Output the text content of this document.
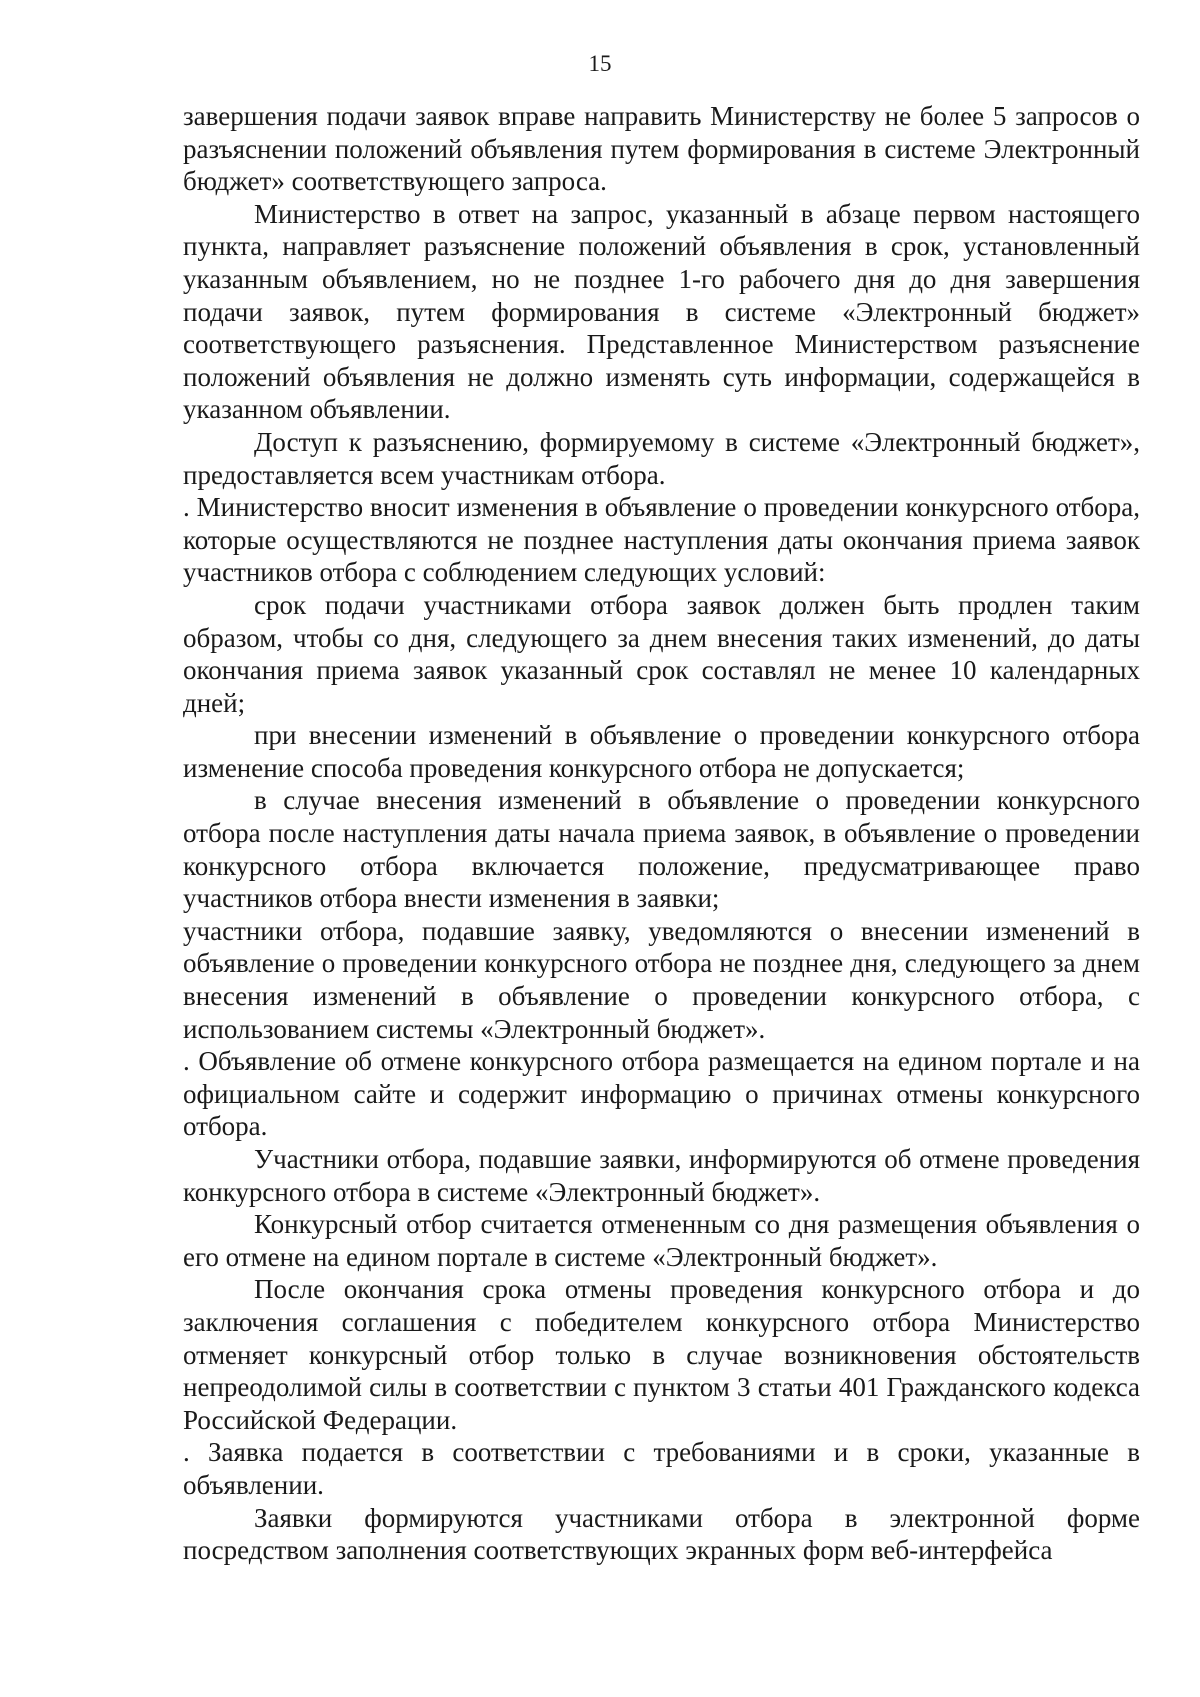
15

завершения подачи заявок вправе направить Министерству не более 5 запросов о разъяснении положений объявления путем формирования в системе Электронный бюджет» соответствующего запроса.

Министерство в ответ на запрос, указанный в абзаце первом настоящего пункта, направляет разъяснение положений объявления в срок, установленный указанным объявлением, но не позднее 1-го рабочего дня до дня завершения подачи заявок, путем формирования в системе «Электронный бюджет» соответствующего разъяснения. Представленное Министерством разъяснение положений объявления не должно изменять суть информации, содержащейся в указанном объявлении.

Доступ к разъяснению, формируемому в системе «Электронный бюджет», предоставляется всем участникам отбора.

. Министерство вносит изменения в объявление о проведении конкурсного отбора, которые осуществляются не позднее наступления даты окончания приема заявок участников отбора с соблюдением следующих условий:

срок подачи участниками отбора заявок должен быть продлен таким образом, чтобы со дня, следующего за днем внесения таких изменений, до даты окончания приема заявок указанный срок составлял не менее 10 календарных дней;

при внесении изменений в объявление о проведении конкурсного отбора изменение способа проведения конкурсного отбора не допускается;

в случае внесения изменений в объявление о проведении конкурсного отбора после наступления даты начала приема заявок, в объявление о проведении конкурсного отбора включается положение, предусматривающее право участников отбора внести изменения в заявки;

участники отбора, подавшие заявку, уведомляются о внесении изменений в объявление о проведении конкурсного отбора не позднее дня, следующего за днем внесения изменений в объявление о проведении конкурсного отбора, с использованием системы «Электронный бюджет».

. Объявление об отмене конкурсного отбора размещается на едином портале и на официальном сайте и содержит информацию о причинах отмены конкурсного отбора.

Участники отбора, подавшие заявки, информируются об отмене проведения конкурсного отбора в системе «Электронный бюджет».

Конкурсный отбор считается отмененным со дня размещения объявления о его отмене на едином портале в системе «Электронный бюджет».

После окончания срока отмены проведения конкурсного отбора и до заключения соглашения с победителем конкурсного отбора Министерство отменяет конкурсный отбор только в случае возникновения обстоятельств непреодолимой силы в соответствии с пунктом 3 статьи 401 Гражданского кодекса Российской Федерации.

. Заявка подается в соответствии с требованиями и в сроки, указанные в объявлении.

Заявки формируются участниками отбора в электронной форме посредством заполнения соответствующих экранных форм веб-интерфейса
